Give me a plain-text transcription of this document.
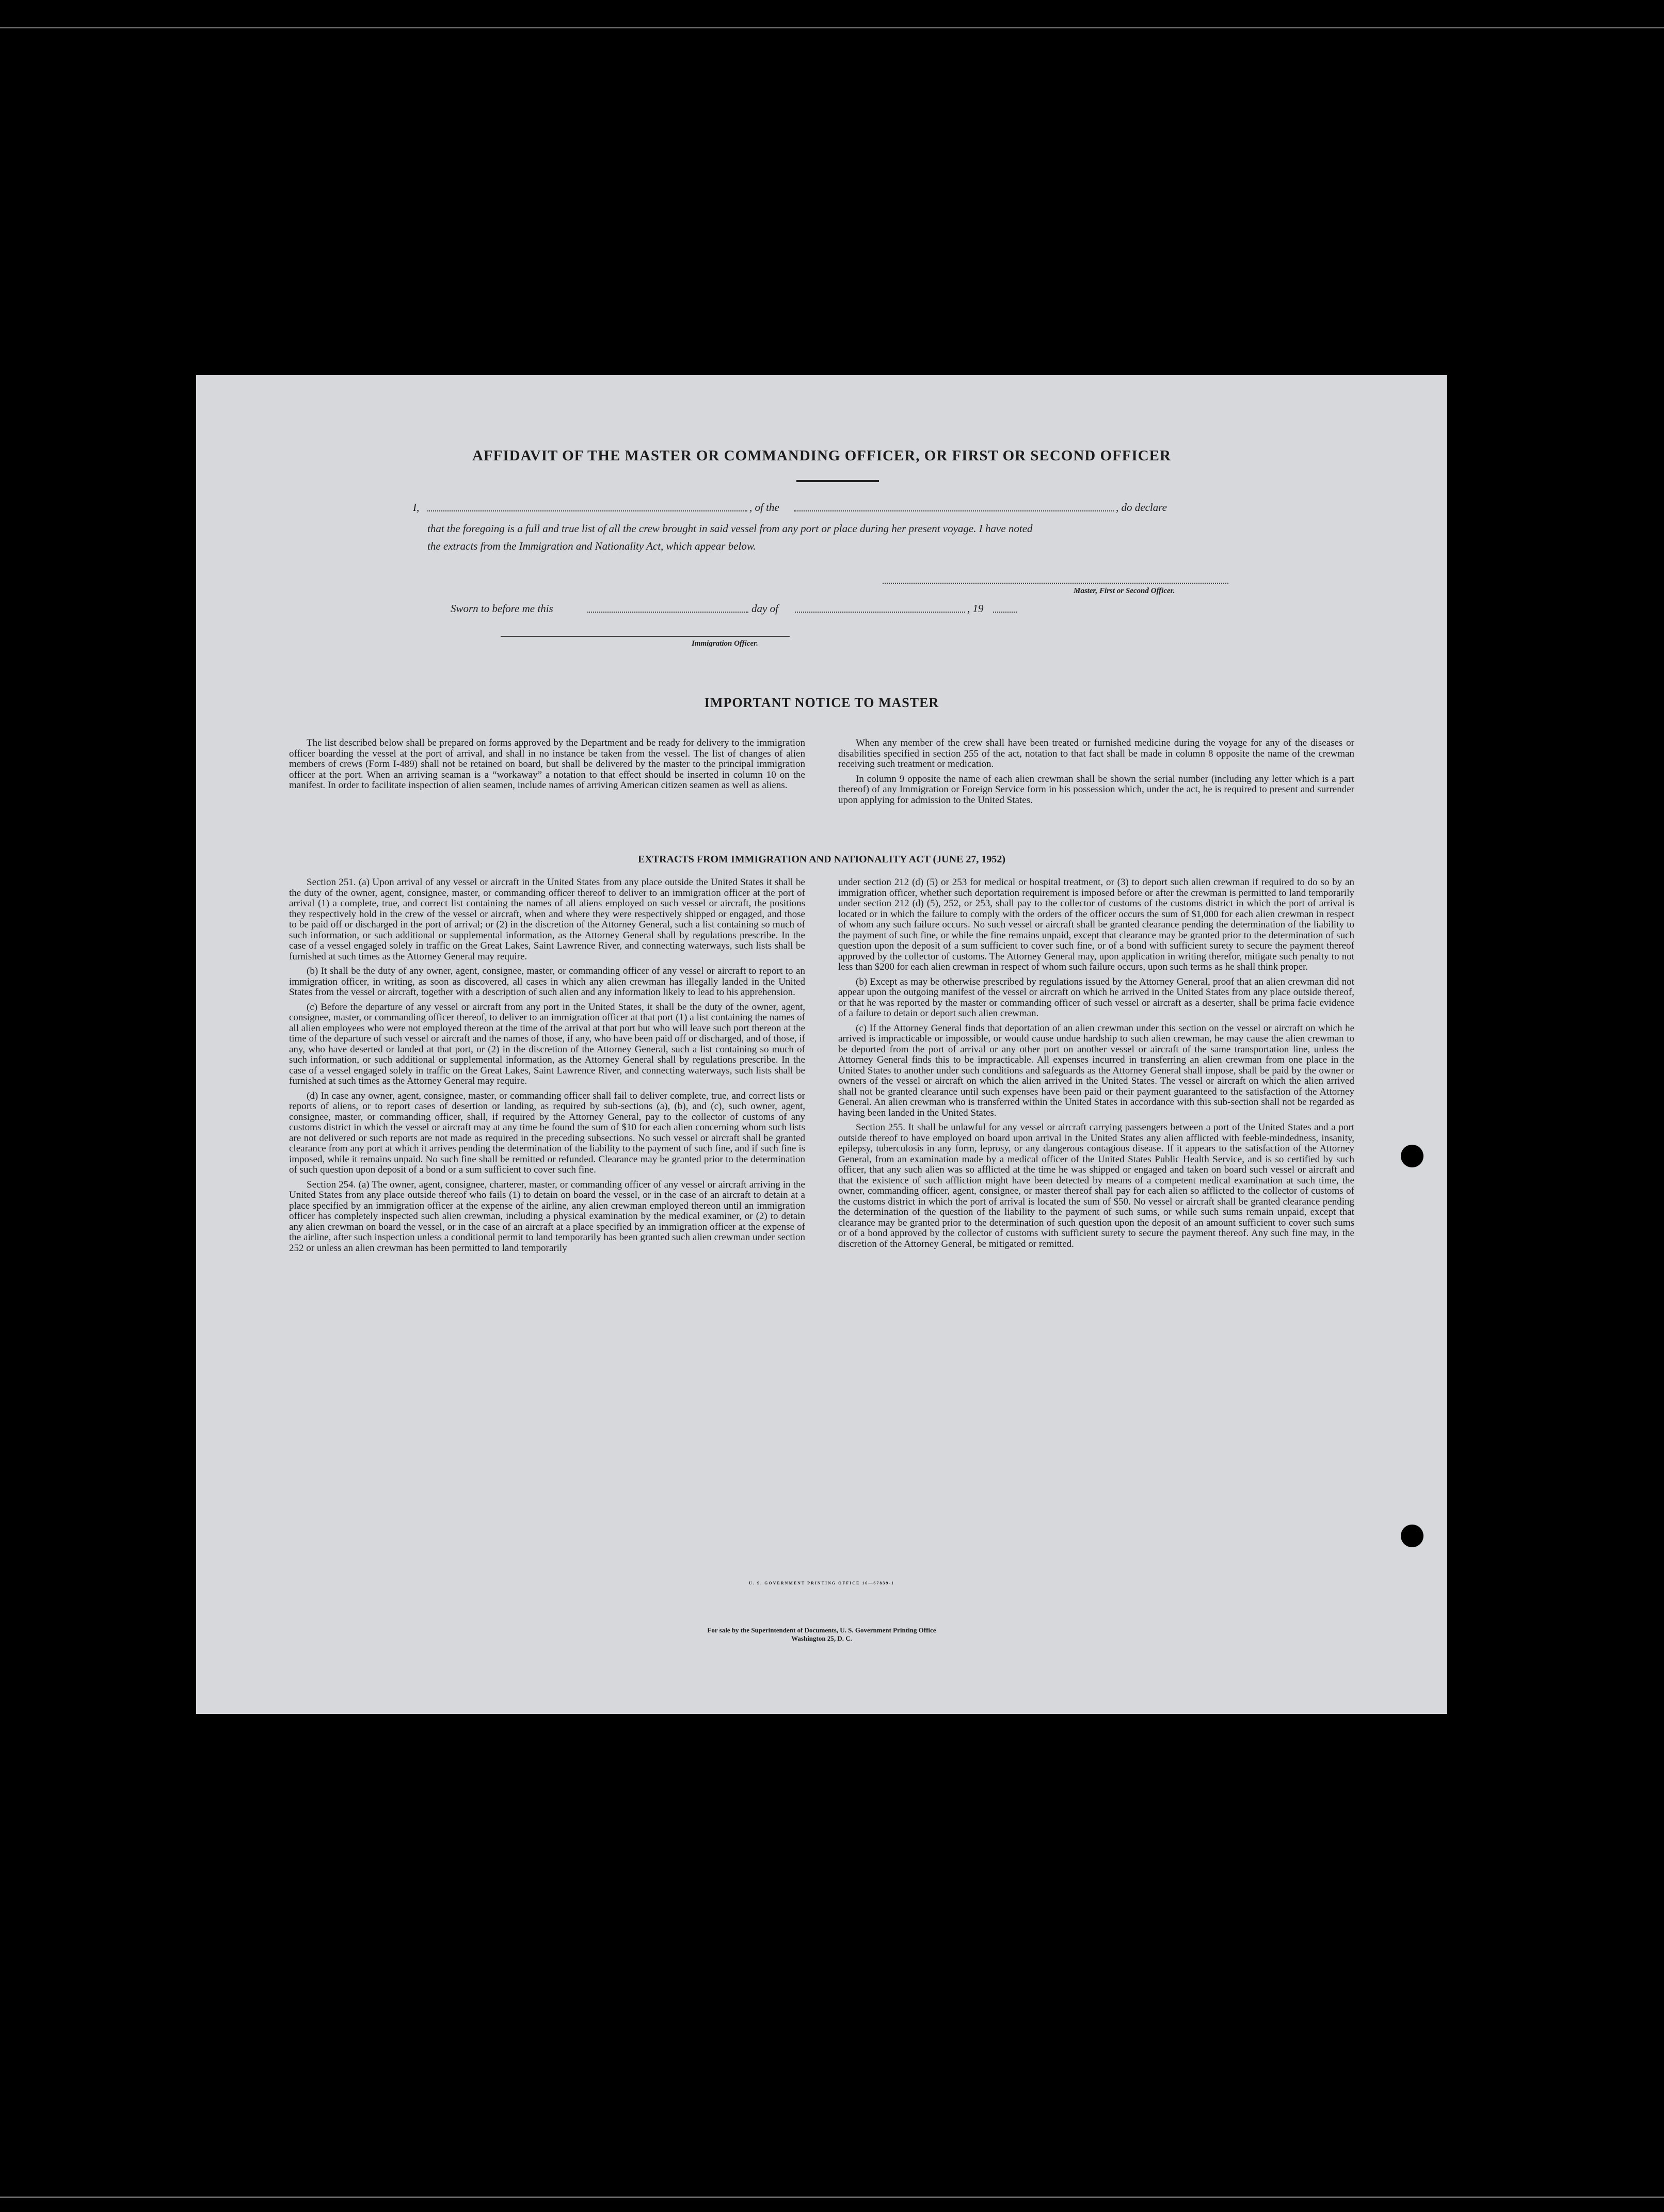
AFFIDAVIT OF THE MASTER OR COMMANDING OFFICER, OR FIRST OR SECOND OFFICER
I,	, of the	, do declare
that the foregoing is a full and true list of all the crew brought in said vessel from any port or place during her present voyage. I have noted
the extracts from the Immigration and Nationality Act, which appear below.
Master, First or Second Officer.
Sworn to before me this	day of	, 19
Immigration Officer.
IMPORTANT NOTICE TO MASTER

The list described below shall be prepared on forms approved by the Department and be ready for delivery to the immigration officer boarding the vessel at the port of arrival, and shall in no instance be taken from the vessel. The list of changes of alien members of crews (Form I-489) shall not be retained on board, but shall be delivered by the master to the principal immigration officer at the port. When an arriving seaman is a “workaway” a notation to that effect should be inserted in column 10 on the manifest. In order to facilitate inspection of alien seamen, include names of arriving American citizen seamen as well as aliens.

When any member of the crew shall have been treated or furnished medicine during the voyage for any of the diseases or disabilities specified in section 255 of the act, notation to that fact shall be made in column 8 opposite the name of the crewman receiving such treatment or medication.

In column 9 opposite the name of each alien crewman shall be shown the serial number (including any letter which is a part thereof) of any Immigration or Foreign Service form in his possession which, under the act, he is required to present and surrender upon applying for admission to the United States.

EXTRACTS FROM IMMIGRATION AND NATIONALITY ACT (JUNE 27, 1952)

Section 251. (a) Upon arrival of any vessel or aircraft in the United States from any place outside the United States it shall be the duty of the owner, agent, consignee, master, or commanding officer thereof to deliver to an immigration officer at the port of arrival (1) a complete, true, and correct list containing the names of all aliens employed on such vessel or aircraft, the positions they respectively hold in the crew of the vessel or aircraft, when and where they were respectively shipped or engaged, and those to be paid off or discharged in the port of arrival; or (2) in the discretion of the Attorney General, such a list containing so much of such information, or such additional or supplemental information, as the Attorney General shall by regulations prescribe. In the case of a vessel engaged solely in traffic on the Great Lakes, Saint Lawrence River, and connecting waterways, such lists shall be furnished at such times as the Attorney General may require.

(b) It shall be the duty of any owner, agent, consignee, master, or commanding officer of any vessel or aircraft to report to an immigration officer, in writing, as soon as discovered, all cases in which any alien crewman has illegally landed in the United States from the vessel or aircraft, together with a description of such alien and any information likely to lead to his apprehension.

(c) Before the departure of any vessel or aircraft from any port in the United States, it shall be the duty of the owner, agent, consignee, master, or commanding officer thereof, to deliver to an immigration officer at that port (1) a list containing the names of all alien employees who were not employed thereon at the time of the arrival at that port but who will leave such port thereon at the time of the departure of such vessel or aircraft and the names of those, if any, who have been paid off or discharged, and of those, if any, who have deserted or landed at that port, or (2) in the discretion of the Attorney General, such a list containing so much of such information, or such additional or supplemental information, as the Attorney General shall by regulations prescribe. In the case of a vessel engaged solely in traffic on the Great Lakes, Saint Lawrence River, and connecting waterways, such lists shall be furnished at such times as the Attorney General may require.

(d) In case any owner, agent, consignee, master, or commanding officer shall fail to deliver complete, true, and correct lists or reports of aliens, or to report cases of desertion or landing, as required by sub-sections (a), (b), and (c), such owner, agent, consignee, master, or commanding officer, shall, if required by the Attorney General, pay to the collector of customs of any customs district in which the vessel or aircraft may at any time be found the sum of $10 for each alien concerning whom such lists are not delivered or such reports are not made as required in the preceding subsections. No such vessel or aircraft shall be granted clearance from any port at which it arrives pending the determination of the liability to the payment of such fine, and if such fine is imposed, while it remains unpaid. No such fine shall be remitted or refunded. Clearance may be granted prior to the determination of such question upon deposit of a bond or a sum sufficient to cover such fine.

Section 254. (a) The owner, agent, consignee, charterer, master, or commanding officer of any vessel or aircraft arriving in the United States from any place outside thereof who fails (1) to detain on board the vessel, or in the case of an aircraft to detain at a place specified by an immigration officer at the expense of the airline, any alien crewman employed thereon until an immigration officer has completely inspected such alien crewman, including a physical examination by the medical examiner, or (2) to detain any alien crewman on board the vessel, or in the case of an aircraft at a place specified by an immigration officer at the expense of the airline, after such inspection unless a conditional permit to land temporarily has been granted such alien crewman under section 252 or unless an alien crewman has been permitted to land temporarily

under section 212 (d) (5) or 253 for medical or hospital treatment, or (3) to deport such alien crewman if required to do so by an immigration officer, whether such deportation requirement is imposed before or after the crewman is permitted to land temporarily under section 212 (d) (5), 252, or 253, shall pay to the collector of customs of the customs district in which the port of arrival is located or in which the failure to comply with the orders of the officer occurs the sum of $1,000 for each alien crewman in respect of whom any such failure occurs. No such vessel or aircraft shall be granted clearance pending the determination of the liability to the payment of such fine, or while the fine remains unpaid, except that clearance may be granted prior to the determination of such question upon the deposit of a sum sufficient to cover such fine, or of a bond with sufficient surety to secure the payment thereof approved by the collector of customs. The Attorney General may, upon application in writing therefor, mitigate such penalty to not less than $200 for each alien crewman in respect of whom such failure occurs, upon such terms as he shall think proper.

(b) Except as may be otherwise prescribed by regulations issued by the Attorney General, proof that an alien crewman did not appear upon the outgoing manifest of the vessel or aircraft on which he arrived in the United States from any place outside thereof, or that he was reported by the master or commanding officer of such vessel or aircraft as a deserter, shall be prima facie evidence of a failure to detain or deport such alien crewman.

(c) If the Attorney General finds that deportation of an alien crewman under this section on the vessel or aircraft on which he arrived is impracticable or impossible, or would cause undue hardship to such alien crewman, he may cause the alien crewman to be deported from the port of arrival or any other port on another vessel or aircraft of the same transportation line, unless the Attorney General finds this to be impracticable. All expenses incurred in transferring an alien crewman from one place in the United States to another under such conditions and safeguards as the Attorney General shall impose, shall be paid by the owner or owners of the vessel or aircraft on which the alien arrived in the United States. The vessel or aircraft on which the alien arrived shall not be granted clearance until such expenses have been paid or their payment guaranteed to the satisfaction of the Attorney General. An alien crewman who is transferred within the United States in accordance with this sub-section shall not be regarded as having been landed in the United States.

Section 255. It shall be unlawful for any vessel or aircraft carrying passengers between a port of the United States and a port outside thereof to have employed on board upon arrival in the United States any alien afflicted with feeble-mindedness, insanity, epilepsy, tuberculosis in any form, leprosy, or any dangerous contagious disease. If it appears to the satisfaction of the Attorney General, from an examination made by a medical officer of the United States Public Health Service, and is so certified by such officer, that any such alien was so afflicted at the time he was shipped or engaged and taken on board such vessel or aircraft and that the existence of such affliction might have been detected by means of a competent medical examination at such time, the owner, commanding officer, agent, consignee, or master thereof shall pay for each alien so afflicted to the collector of customs of the customs district in which the port of arrival is located the sum of $50. No vessel or aircraft shall be granted clearance pending the determination of the question of the liability to the payment of such sums, or while such sums remain unpaid, except that clearance may be granted prior to the determination of such question upon the deposit of an amount sufficient to cover such sums or of a bond approved by the collector of customs with sufficient surety to secure the payment thereof. Any such fine may, in the discretion of the Attorney General, be mitigated or remitted.

U. S. GOVERNMENT PRINTING OFFICE 16—67839-1
For sale by the Superintendent of Documents, U. S. Government Printing Office
Washington 25, D. C.
